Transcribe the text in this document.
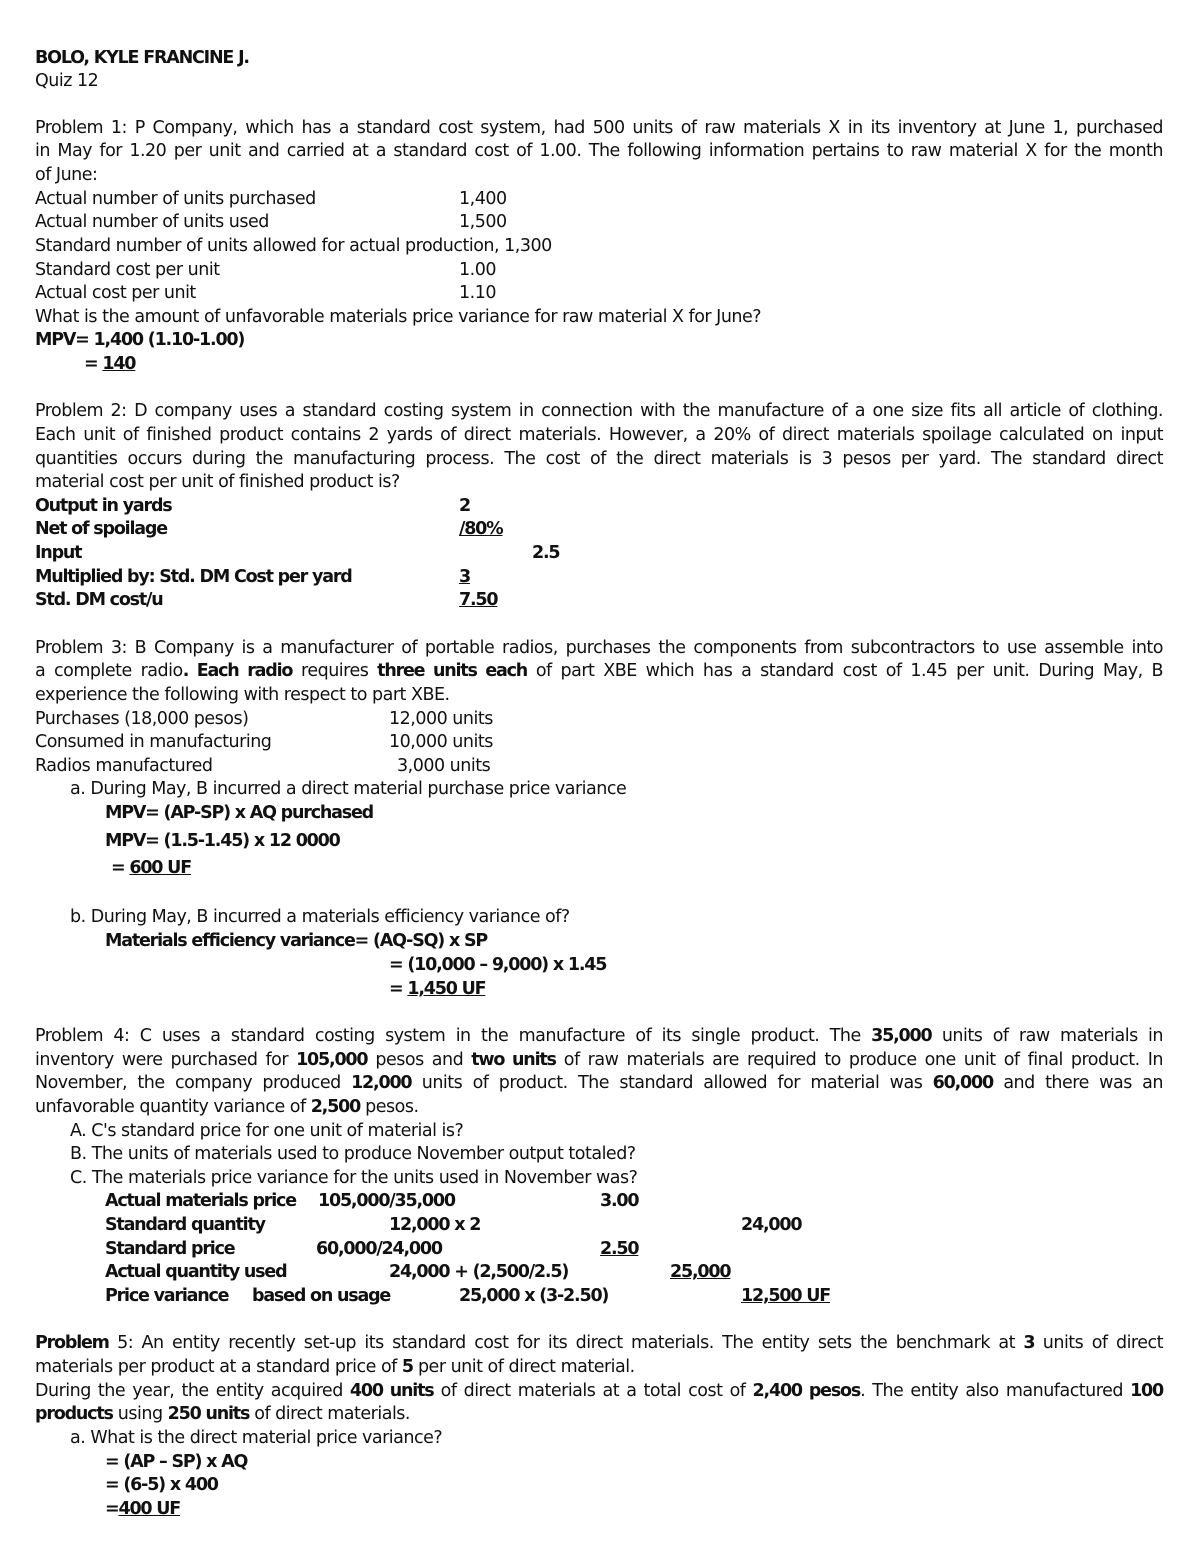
BOLO, KYLE FRANCINE J.
Quiz 12
Problem 1: P Company, which has a standard cost system, had 500 units of raw materials X in its inventory at June 1, purchased
in May for 1.20 per unit and carried at a standard cost of 1.00. The following information pertains to raw material X for the month
of June:
Actual number of units purchased	1,400
Actual number of units used	1,500
Standard number of units allowed for actual production, 1,300
Standard cost per unit	1.00
Actual cost per unit	1.10
What is the amount of unfavorable materials price variance for raw material X for June?
MPV= 1,400 (1.10-1.00)
= 140
Problem 2: D company uses a standard costing system in connection with the manufacture of a one size fits all article of clothing.
Each unit of finished product contains 2 yards of direct materials. However, a 20% of direct materials spoilage calculated on input
quantities occurs during the manufacturing process. The cost of the direct materials is 3 pesos per yard. The standard direct
material cost per unit of finished product is?
Output in yards	2
Net of spoilage	/80%
Input	2.5
Multiplied by: Std. DM Cost per yard	3
Std. DM cost/u	7.50
Problem 3: B Company is a manufacturer of portable radios, purchases the components from subcontractors to use assemble into
a complete radio. Each radio requires three units each of part XBE which has a standard cost of 1.45 per unit. During May, B
experience the following with respect to part XBE.
Purchases (18,000 pesos)	12,000 units
Consumed in manufacturing	10,000 units
Radios manufactured	3,000 units
a. During May, B incurred a direct material purchase price variance
MPV= (AP-SP) x AQ purchased
MPV= (1.5-1.45) x 12 0000
= 600 UF
b. During May, B incurred a materials efficiency variance of?
Materials efficiency variance= (AQ-SQ) x SP
= (10,000 – 9,000) x 1.45
= 1,450 UF
Problem 4: C uses a standard costing system in the manufacture of its single product. The 35,000 units of raw materials in
inventory were purchased for 105,000 pesos and two units of raw materials are required to produce one unit of final product. In
November, the company produced 12,000 units of product. The standard allowed for material was 60,000 and there was an
unfavorable quantity variance of 2,500 pesos.
A. C's standard price for one unit of material is?
B. The units of materials used to produce November output totaled?
C. The materials price variance for the units used in November was?
Actual materials price 105,000/35,000	3.00
Standard quantity	12,000 x 2	24,000
Standard price	60,000/24,000	2.50
Actual quantity used	24,000 + (2,500/2.5)	25,000
Price variance based on usage	25,000 x (3-2.50)	12,500 UF
Problem 5: An entity recently set-up its standard cost for its direct materials. The entity sets the benchmark at 3 units of direct
materials per product at a standard price of 5 per unit of direct material.
During the year, the entity acquired 400 units of direct materials at a total cost of 2,400 pesos. The entity also manufactured 100
products using 250 units of direct materials.
a. What is the direct material price variance?
= (AP – SP) x AQ
= (6-5) x 400
=400 UF
